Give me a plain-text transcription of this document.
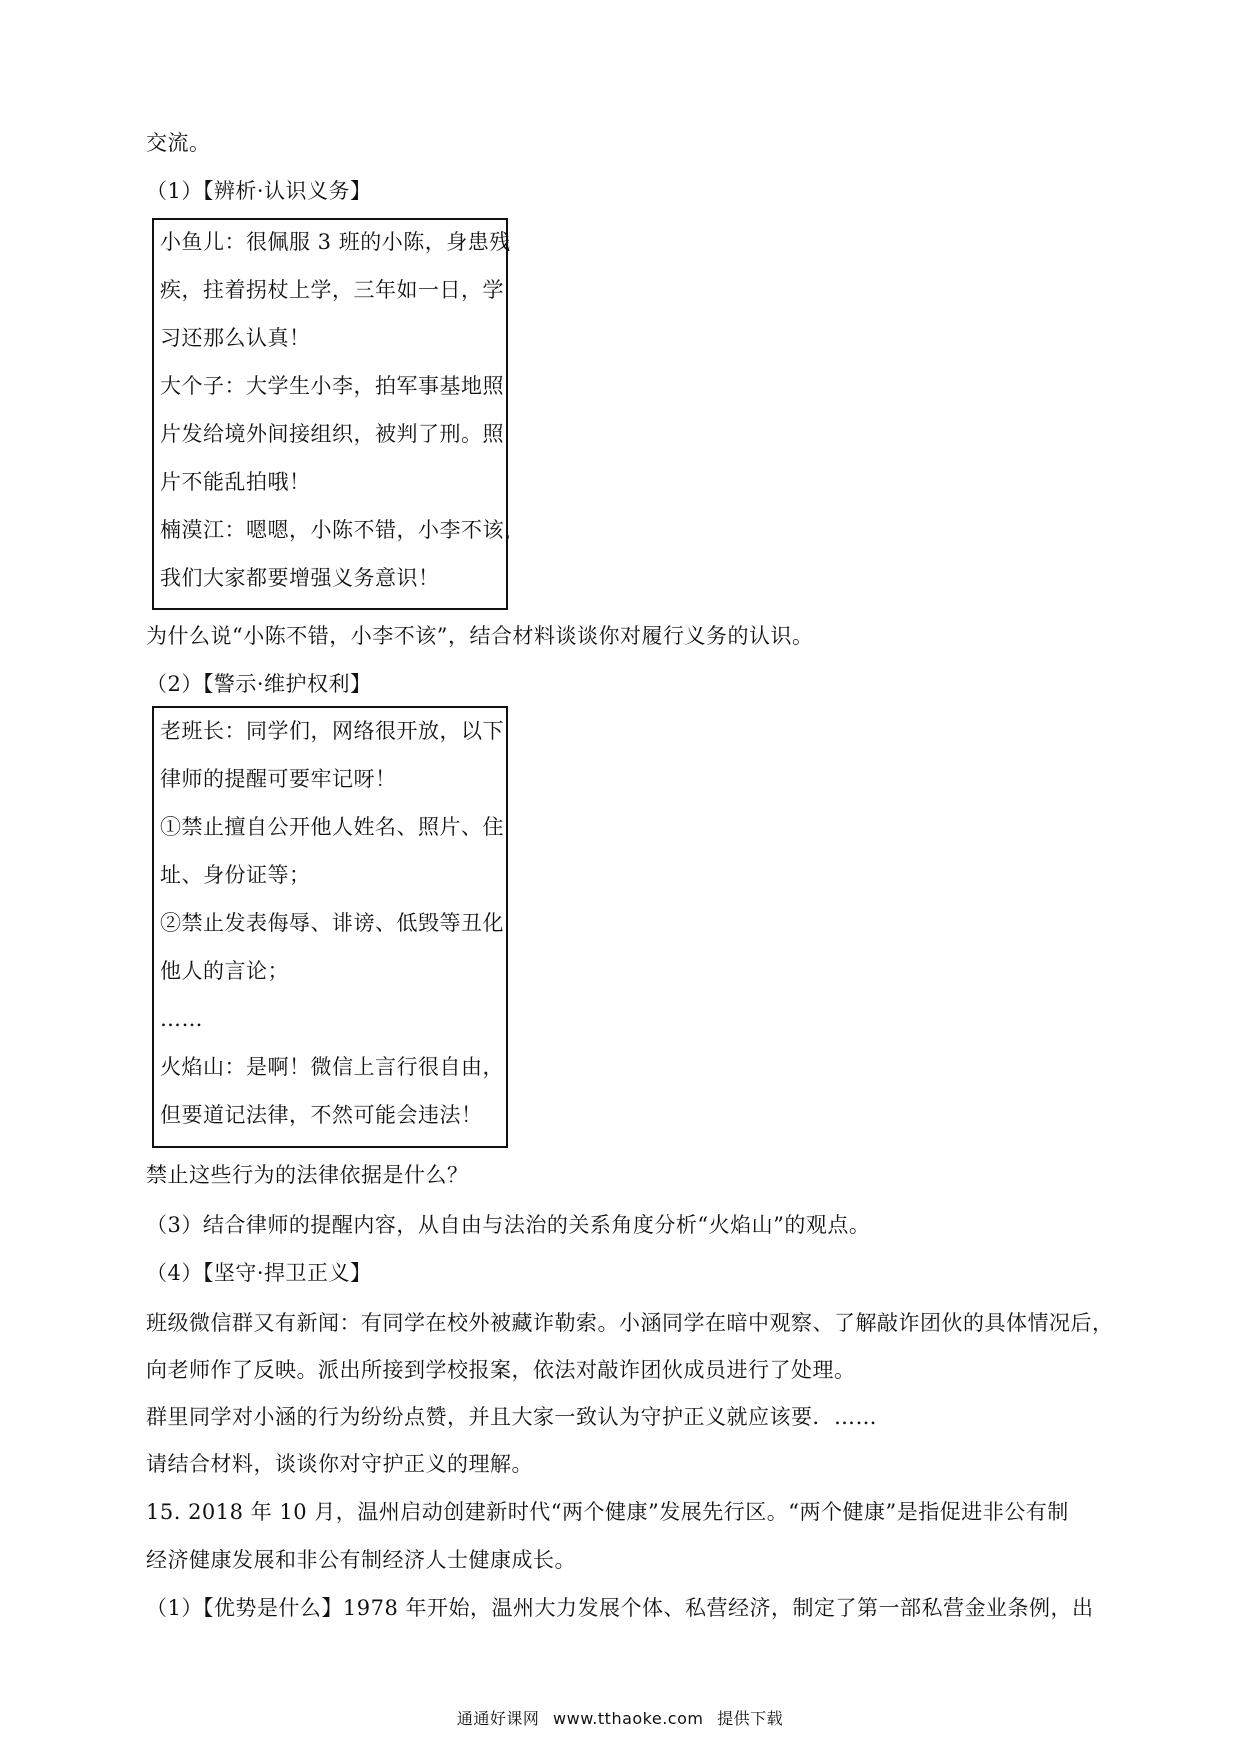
交流。
（1）【辨析·认识义务】
小鱼儿：很佩服 3 班的小陈，身患残
疾，拄着拐杖上学，三年如一日，学
习还那么认真！
大个子：大学生小李，拍军事基地照
片发给境外间接组织，被判了刑。照
片不能乱拍哦！
楠漠江：嗯嗯，小陈不错，小李不该，
我们大家都要增强义务意识！
为什么说“小陈不错，小李不该”，结合材料谈谈你对履行义务的认识。
（2）【警示·维护权利】
老班长：同学们，网络很开放，以下
律师的提醒可要牢记呀！
①禁止擅自公开他人姓名、照片、住
址、身份证等；
②禁止发表侮辱、诽谤、低毁等丑化
他人的言论；
……
火焰山：是啊！微信上言行很自由，
但要道记法律，不然可能会违法！
禁止这些行为的法律依据是什么？
（3）结合律师的提醒内容，从自由与法治的关系角度分析“火焰山”的观点。
（4）【坚守·捍卫正义】
班级微信群又有新闻：有同学在校外被藏诈勒索。小涵同学在暗中观察、了解敲诈团伙的具体情况后，
向老师作了反映。派出所接到学校报案，依法对敲诈团伙成员进行了处理。
群里同学对小涵的行为纷纷点赞，并且大家一致认为守护正义就应该要．……
请结合材料，谈谈你对守护正义的理解。
15. 2018 年 10 月，温州启动创建新时代“两个健康”发展先行区。“两个健康”是指促进非公有制
经济健康发展和非公有制经济人士健康成长。
（1）【优势是什么】1978 年开始，温州大力发展个体、私营经济，制定了第一部私营金业条例，出
通通好课网 www.tthaoke.com 提供下载
